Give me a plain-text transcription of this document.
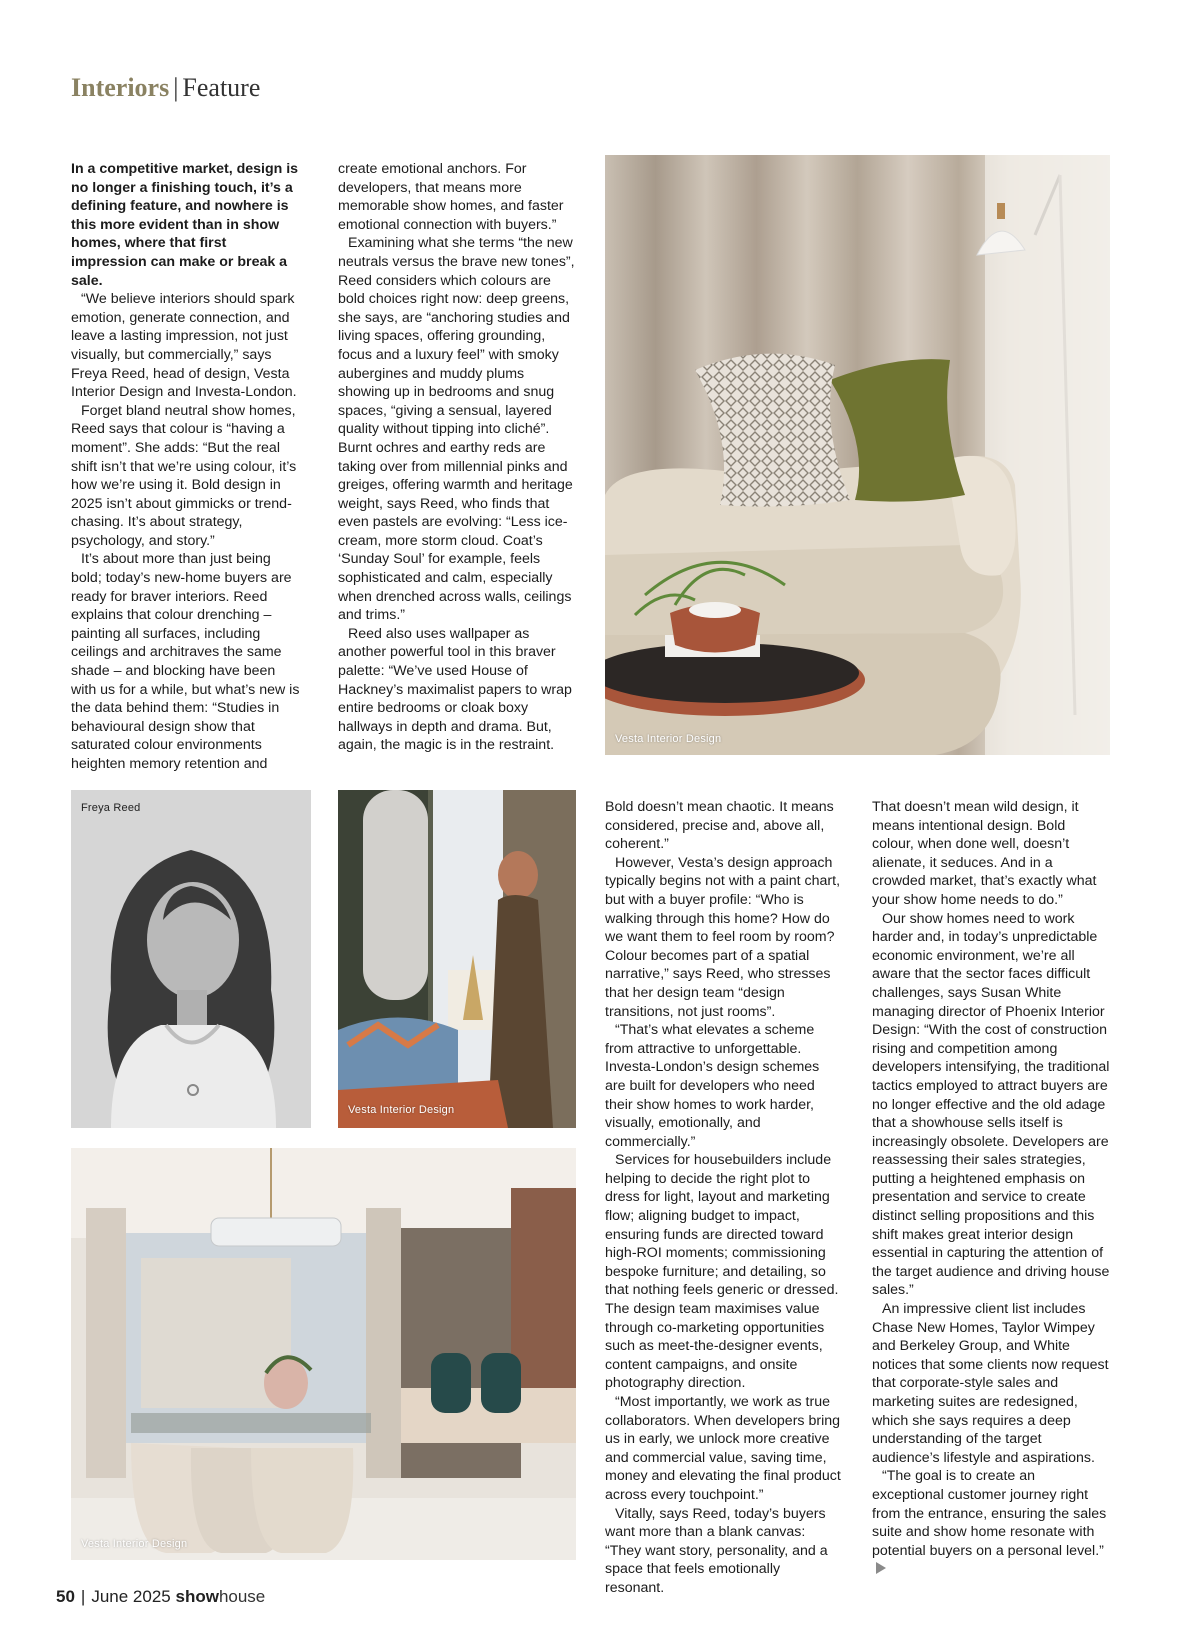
Interiors | Feature

In a competitive market, design is no longer a finishing touch, it’s a defining feature, and nowhere is this more evident than in show homes, where that first impression can make or break a sale.

“We believe interiors should spark emotion, generate connection, and leave a lasting impression, not just visually, but commercially,” says Freya Reed, head of design, Vesta Interior Design and Investa-London.

Forget bland neutral show homes, Reed says that colour is “having a moment”. She adds: “But the real shift isn’t that we’re using colour, it’s how we’re using it. Bold design in 2025 isn’t about gimmicks or trend-chasing. It’s about strategy, psychology, and story.”

It’s about more than just being bold; today’s new-home buyers are ready for braver interiors. Reed explains that colour drenching – painting all surfaces, including ceilings and architraves the same shade – and blocking have been with us for a while, but what’s new is the data behind them: “Studies in behavioural design show that saturated colour environments heighten memory retention and

create emotional anchors. For developers, that means more memorable show homes, and faster emotional connection with buyers.”

Examining what she terms “the new neutrals versus the brave new tones”, Reed considers which colours are bold choices right now: deep greens, she says, are “anchoring studies and living spaces, offering grounding, focus and a luxury feel” with smoky aubergines and muddy plums showing up in bedrooms and snug spaces, “giving a sensual, layered quality without tipping into cliché”. Burnt ochres and earthy reds are taking over from millennial pinks and greiges, offering warmth and heritage weight, says Reed, who finds that even pastels are evolving: “Less ice-cream, more storm cloud. Coat’s ‘Sunday Soul’ for example, feels sophisticated and calm, especially when drenched across walls, ceilings and trims.”

Reed also uses wallpaper as another powerful tool in this braver palette: “We’ve used House of Hackney’s maximalist papers to wrap entire bedrooms or cloak boxy hallways in depth and drama. But, again, the magic is in the restraint.	Vesta Interior Design
Freya Reed
Vesta Interior Design
Vesta Interior Design

Bold doesn’t mean chaotic. It means considered, precise and, above all, coherent.”

However, Vesta’s design approach typically begins not with a paint chart, but with a buyer profile: “Who is walking through this home? How do we want them to feel room by room? Colour becomes part of a spatial narrative,” says Reed, who stresses that her design team “design transitions, not just rooms”.

“That’s what elevates a scheme from attractive to unforgettable. Investa-London’s design schemes are built for developers who need their show homes to work harder, visually, emotionally, and commercially.”

Services for housebuilders include helping to decide the right plot to dress for light, layout and marketing flow; aligning budget to impact, ensuring funds are directed toward high-ROI moments; commissioning bespoke furniture; and detailing, so that nothing feels generic or dressed. The design team maximises value through co-marketing opportunities such as meet-the-designer events, content campaigns, and onsite photography direction.

“Most importantly, we work as true collaborators. When developers bring us in early, we unlock more creative and commercial value, saving time, money and elevating the final product across every touchpoint.”

Vitally, says Reed, today’s buyers want more than a blank canvas: “They want story, personality, and a space that feels emotionally resonant.

That doesn’t mean wild design, it means intentional design. Bold colour, when done well, doesn’t alienate, it seduces. And in a crowded market, that’s exactly what your show home needs to do.”

Our show homes need to work harder and, in today’s unpredictable economic environment, we’re all aware that the sector faces difficult challenges, says Susan White managing director of Phoenix Interior Design: “With the cost of construction rising and competition among developers intensifying, the traditional tactics employed to attract buyers are no longer effective and the old adage that a showhouse sells itself is increasingly obsolete. Developers are reassessing their sales strategies, putting a heightened emphasis on presentation and service to create distinct selling propositions and this shift makes great interior design essential in capturing the attention of the target audience and driving house sales.”

An impressive client list includes Chase New Homes, Taylor Wimpey and Berkeley Group, and White notices that some clients now request that corporate-style sales and marketing suites are redesigned, which she says requires a deep understanding of the target audience’s lifestyle and aspirations.

“The goal is to create an exceptional customer journey right from the entrance, ensuring the sales suite and show home resonate with potential buyers on a personal level.”

50 | June 2025 showhouse
